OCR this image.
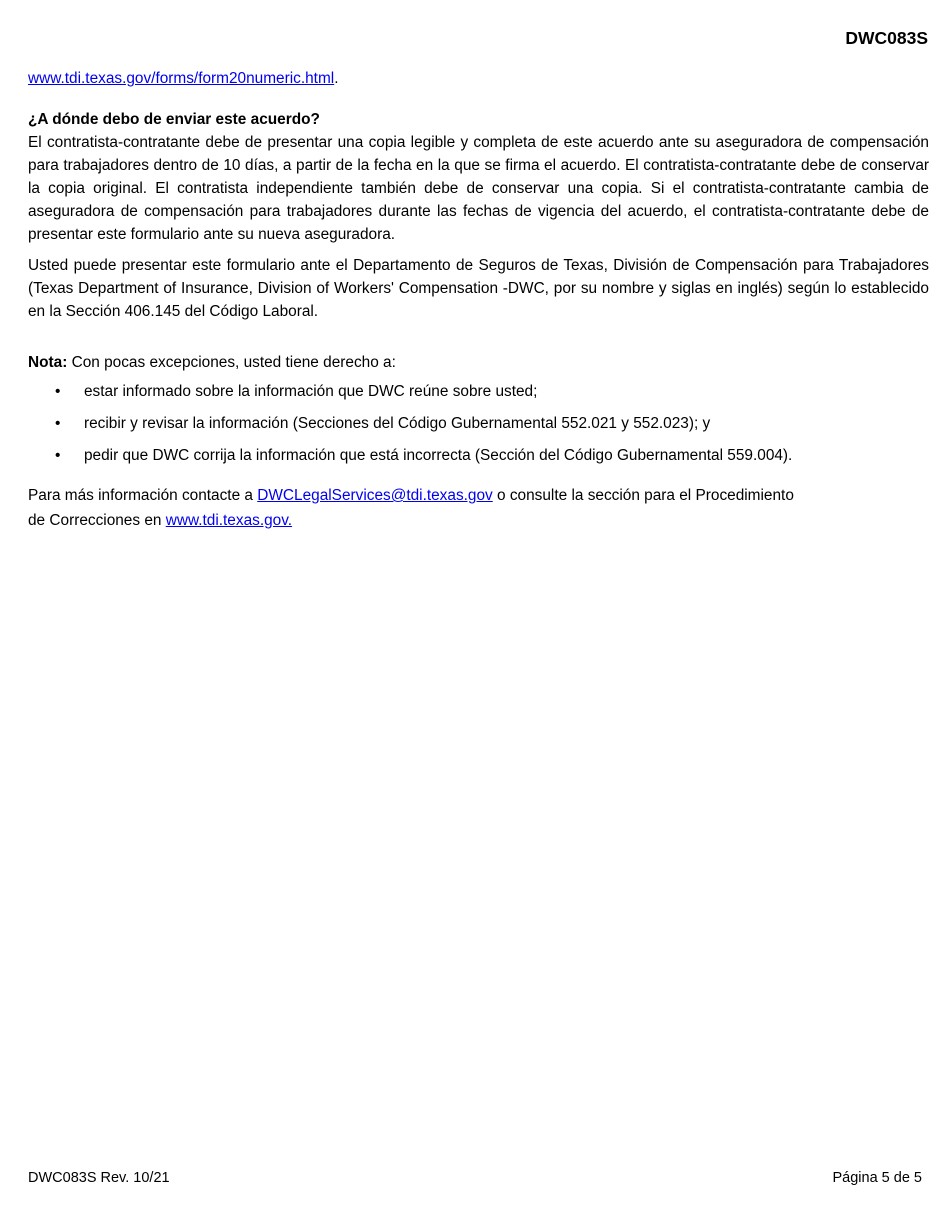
DWC083S

www.tdi.texas.gov/forms/form20numeric.html.

¿A dónde debo de enviar este acuerdo?

El contratista-contratante debe de presentar una copia legible y completa de este acuerdo ante su aseguradora de compensación para trabajadores dentro de 10 días, a partir de la fecha en la que se firma el acuerdo. El contratista-contratante debe de conservar la copia original. El contratista independiente también debe de conservar una copia. Si el contratista-contratante cambia de aseguradora de compensación para trabajadores durante las fechas de vigencia del acuerdo, el contratista-contratante debe de presentar este formulario ante su nueva aseguradora.

Usted puede presentar este formulario ante el Departamento de Seguros de Texas, División de Compensación para Trabajadores (Texas Department of Insurance, Division of Workers' Compensation -DWC, por su nombre y siglas en inglés) según lo establecido en la Sección 406.145 del Código Laboral.

Nota: Con pocas excepciones, usted tiene derecho a:

• estar informado sobre la información que DWC reúne sobre usted;
• recibir y revisar la información (Secciones del Código Gubernamental 552.021 y 552.023); y
• pedir que DWC corrija la información que está incorrecta (Sección del Código Gubernamental 559.004).

Para más información contacte a DWCLegalServices@tdi.texas.gov o consulte la sección para el Procedimiento
de Correcciones en www.tdi.texas.gov.

DWC083S Rev. 10/21	Página 5 de 5
